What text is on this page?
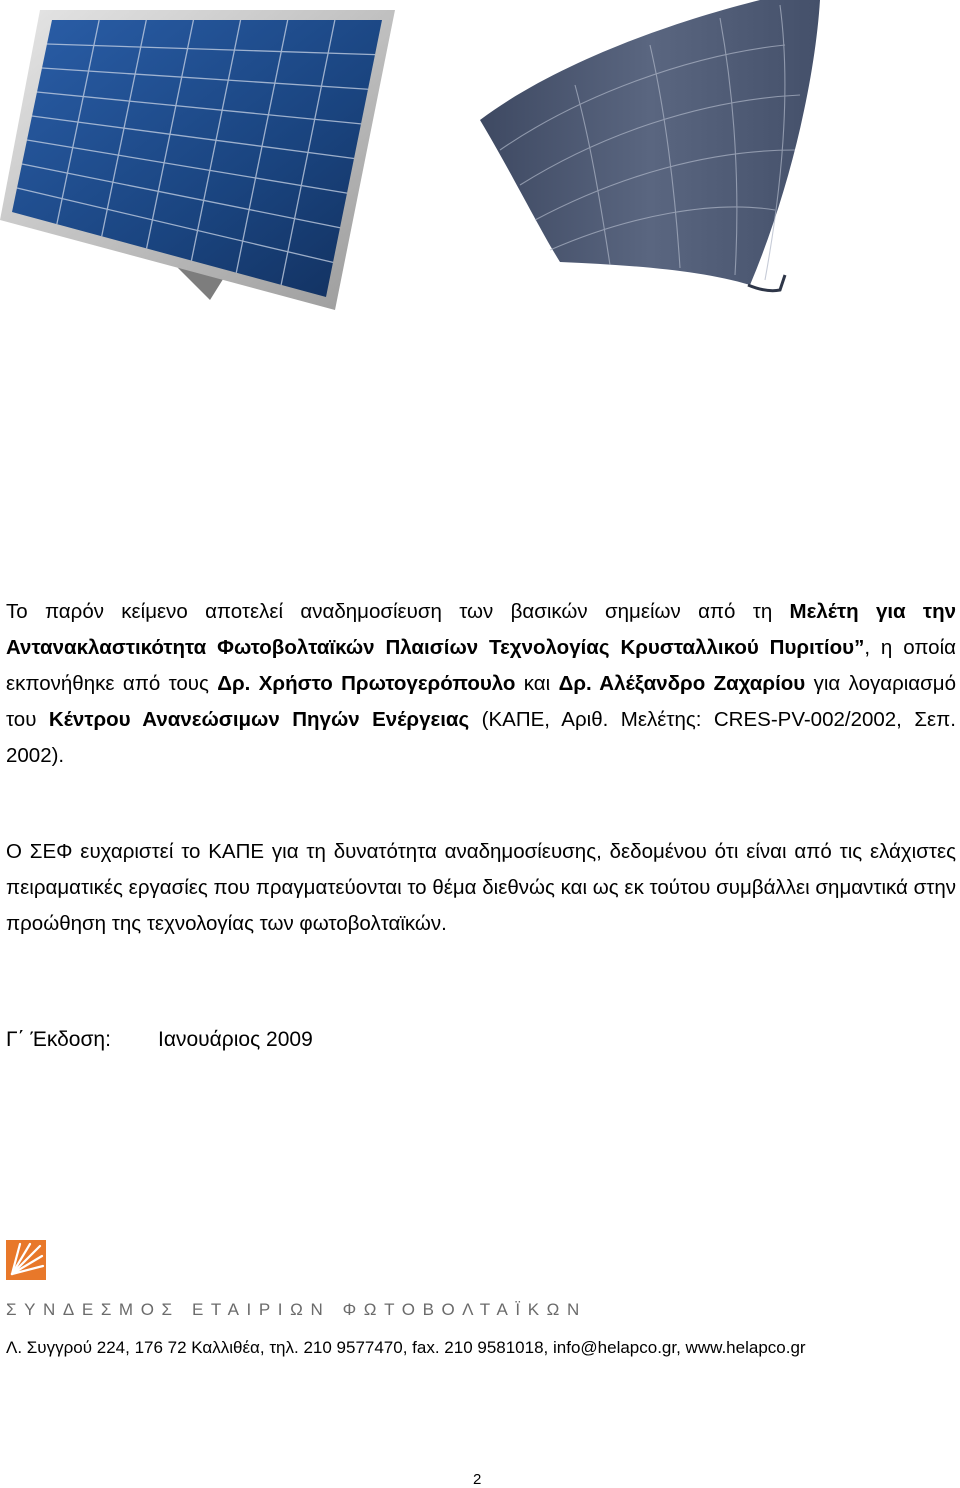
Το παρόν κείμενο αποτελεί αναδημοσίευση των βασικών σημείων από τη Μελέτη για την Αντανακλαστικότητα Φωτοβολταϊκών Πλαισίων Τεχνολογίας Κρυσταλλικού Πυριτίου”, η οποία εκπονήθηκε από τους Δρ. Χρήστο Πρωτογερόπουλο και Δρ. Αλέξανδρο Ζαχαρίου για λογαριασμό του Κέντρου Ανανεώσιμων Πηγών Ενέργειας (ΚΑΠΕ, Αριθ. Μελέτης: CRES-PV-002/2002, Σεπ. 2002).

Ο ΣΕΦ ευχαριστεί το ΚΑΠΕ για τη δυνατότητα αναδημοσίευσης, δεδομένου ότι είναι από τις ελάχιστες πειραματικές εργασίες που πραγματεύονται το θέμα διεθνώς και ως εκ τούτου συμβάλλει σημαντικά στην προώθηση της τεχνολογίας των φωτοβολταϊκών.

Γ΄ Έκδοση: Ιανουάριος 2009

ΣΥΝΔΕΣΜΟΣ ΕΤΑΙΡΙΩΝ ΦΩΤΟΒΟΛΤΑΪΚΩΝ

Λ. Συγγρού 224, 176 72 Καλλιθέα, τηλ. 210 9577470, fax. 210 9581018, info@helapco.gr, www.helapco.gr

2
